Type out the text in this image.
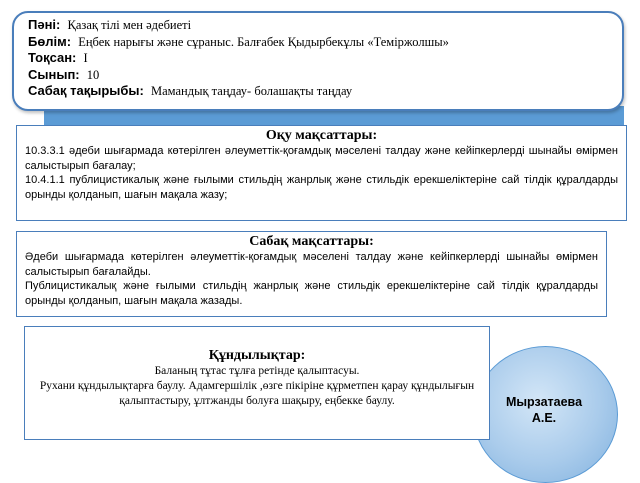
Пәні: Қазақ тілі мен әдебиеті
Бөлім: Еңбек нарығы және сұраныс. Балғабек Қыдырбекұлы «Теміржолшы»
Тоқсан: I
Сынып: 10
Сабақ тақырыбы: Мамандық таңдау- болашақты таңдау
Оқу мақсаттары:

10.3.3.1 әдеби шығармада көтерілген әлеуметтік-қоғамдық мәселені талдау және кейіпкерлерді шынайы өмірмен салыстырып бағалау;

10.4.1.1 публицистикалық және ғылыми стильдің жанрлық және стильдік ерекшеліктеріне сай тілдік құралдарды орынды қолданып, шағын мақала жазу;

Сабақ мақсаттары:

Әдеби шығармада көтерілген әлеуметтік-қоғамдық мәселені талдау және кейіпкерлерді шынайы өмірмен салыстырып бағалайды.

Публицистикалық және ғылыми стильдің жанрлық және стильдік ерекшеліктеріне сай тілдік құралдарды орынды қолданып, шағын мақала жазады.

Құндылықтар:

Баланың тұтас тұлға ретінде қалыптасуы.

Рухани құндылықтарға баулу. Адамгершілік ,өзге пікіріне құрметпен қарау құндылығын қалыптастыру, ұлтжанды болуға шақыру, еңбекке баулу.	Мырзатаева
А.Е.
